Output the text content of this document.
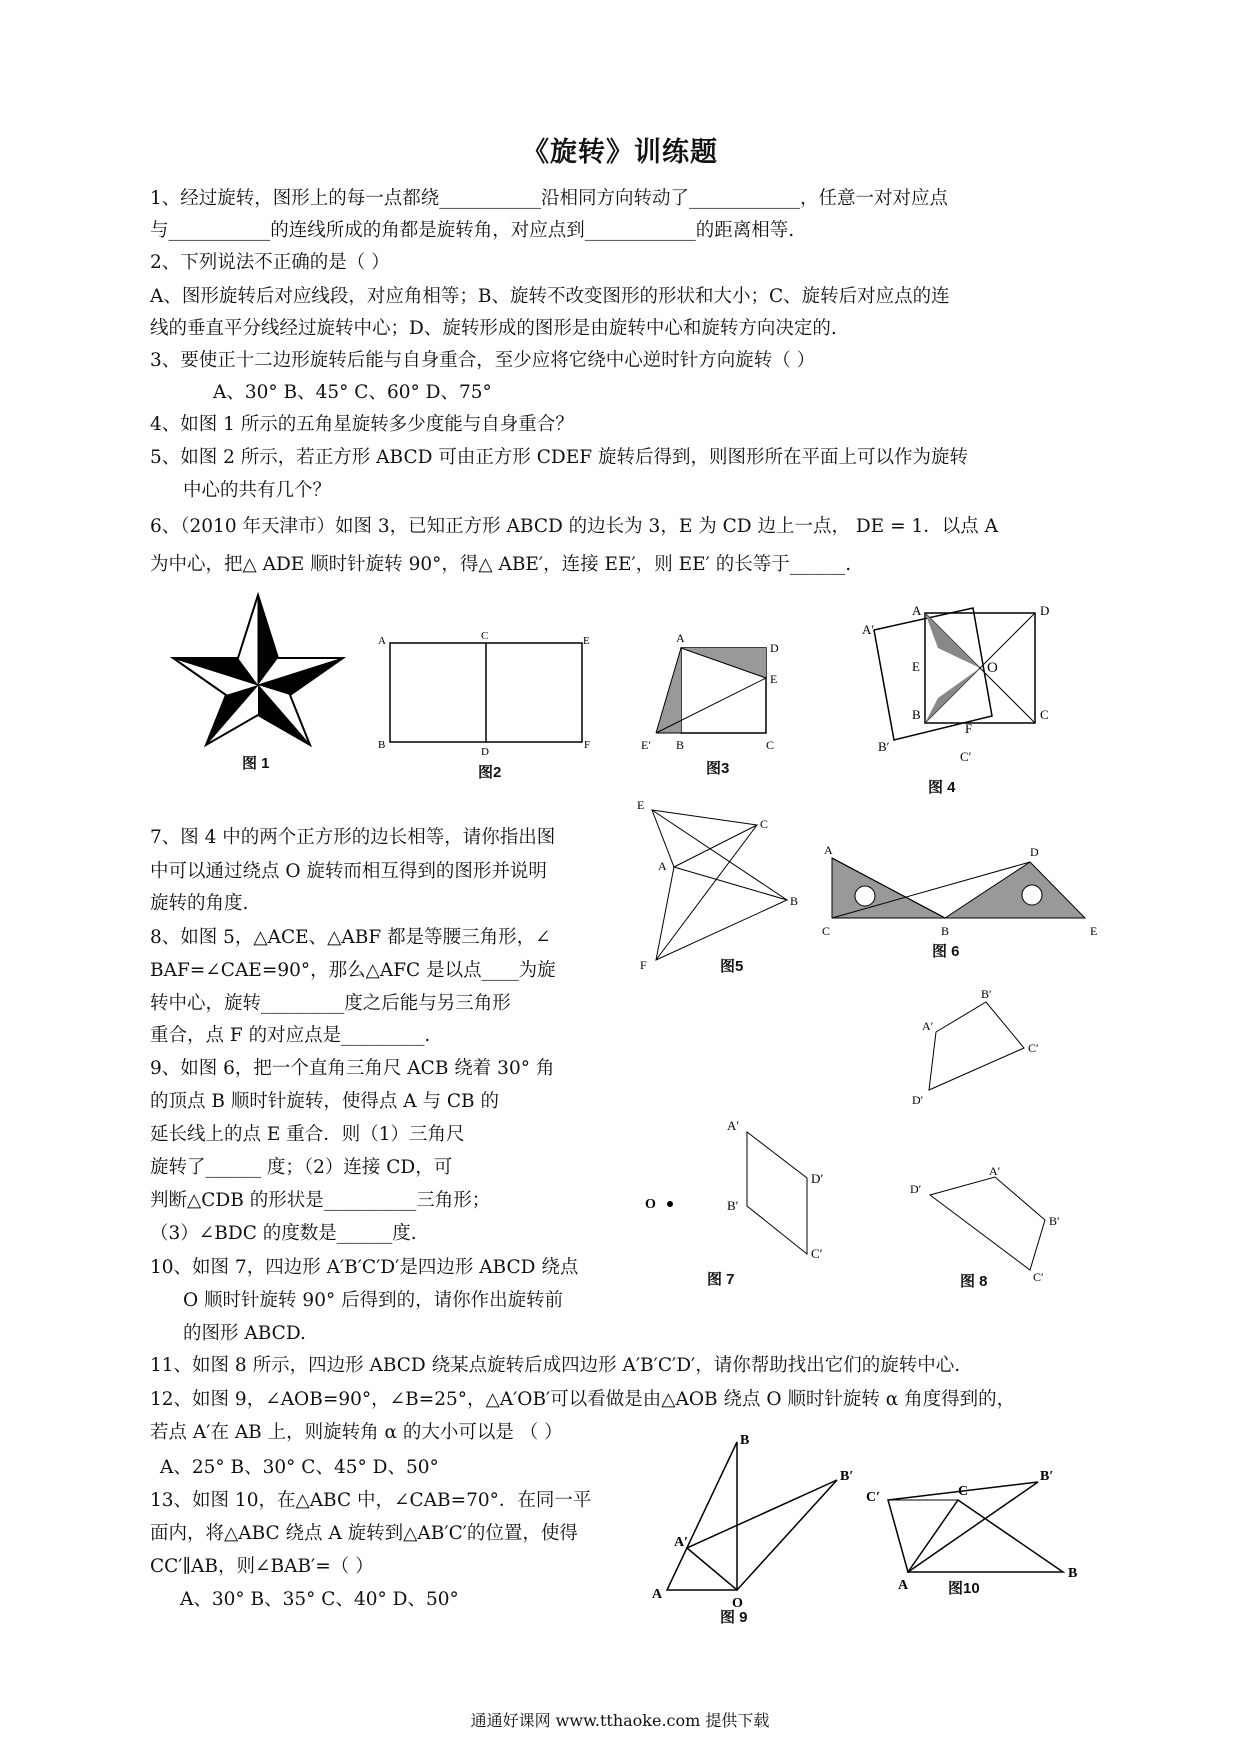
《旋转》训练题
1、经过旋转，图形上的每一点都绕___________沿相同方向转动了____________，任意一对对应点
与___________的连线所成的角都是旋转角，对应点到____________的距离相等.
2、下列说法不正确的是（ ）
A、图形旋转后对应线段，对应角相等；B、旋转不改变图形的形状和大小；C、旋转后对应点的连
线的垂直平分线经过旋转中心；D、旋转形成的图形是由旋转中心和旋转方向决定的.
3、要使正十二边形旋转后能与自身重合，至少应将它绕中心逆时针方向旋转（ ）
A、30° B、45° C、60° D、75°
4、如图 1 所示的五角星旋转多少度能与自身重合？
5、如图 2 所示，若正方形 ABCD 可由正方形 CDEF 旋转后得到，则图形所在平面上可以作为旋转
中心的共有几个？
6、（2010 年天津市）如图 3，已知正方形 ABCD 的边长为 3，E 为 CD 边上一点， DE = 1．以点 A
为中心，把△ ADE 顺时针旋转 90°，得△ ABE′，连接 EE′，则 EE′ 的长等于______.
7、图 4 中的两个正方形的边长相等，请你指出图
中可以通过绕点 O 旋转而相互得到的图形并说明
旋转的角度.
8、如图 5，△ACE、△ABF 都是等腰三角形，∠
BAF=∠CAE=90°，那么△AFC 是以点____为旋
转中心，旋转_________度之后能与另三角形
重合，点 F 的对应点是_________.
9、如图 6，把一个直角三角尺 ACB 绕着 30° 角
的顶点 B 顺时针旋转，使得点 A 与 CB 的
延长线上的点 E 重合．则（1）三角尺
旋转了______ 度；（2）连接 CD，可
判断△CDB 的形状是__________三角形；
（3）∠BDC 的度数是______度.
10、如图 7，四边形 A′B′C′D′是四边形 ABCD 绕点
O 顺时针旋转 90° 后得到的，请你作出旋转前
的图形 ABCD.
11、如图 8 所示，四边形 ABCD 绕某点旋转后成四边形 A′B′C′D′，请你帮助找出它们的旋转中心.
12、如图 9，∠AOB=90°，∠B=25°，△A′OB′可以看做是由△AOB 绕点 O 顺时针旋转 α 角度得到的，
若点 A′在 AB 上，则旋转角 α 的大小可以是 （ ）
A、25° B、30° C、45° D、50°
13、如图 10，在△ABC 中，∠CAB=70°．在同一平
面内，将△ABC 绕点 A 旋转到△AB′C′的位置，使得
CC′∥AB，则∠BAB′=（ ）
A、30° B、35° C、40° D、50°
图 1
A	C	E
B
D
F
图2
A
D
E
E′ B	C
图3
A	D
A′
E	O
B	C
F
B′
C′
图 4
E
C
A
B
F	图5
A	D
C	B	E
图 6
A′
B′
C′
D′
O
A′
B′
C′
D′
图 7
D′
A′
B′
C′
图 8
A
B
A′
O
B′
图 9
A
B
C′	C
B′
图10
通通好课网 www.tthaoke.com 提供下载
